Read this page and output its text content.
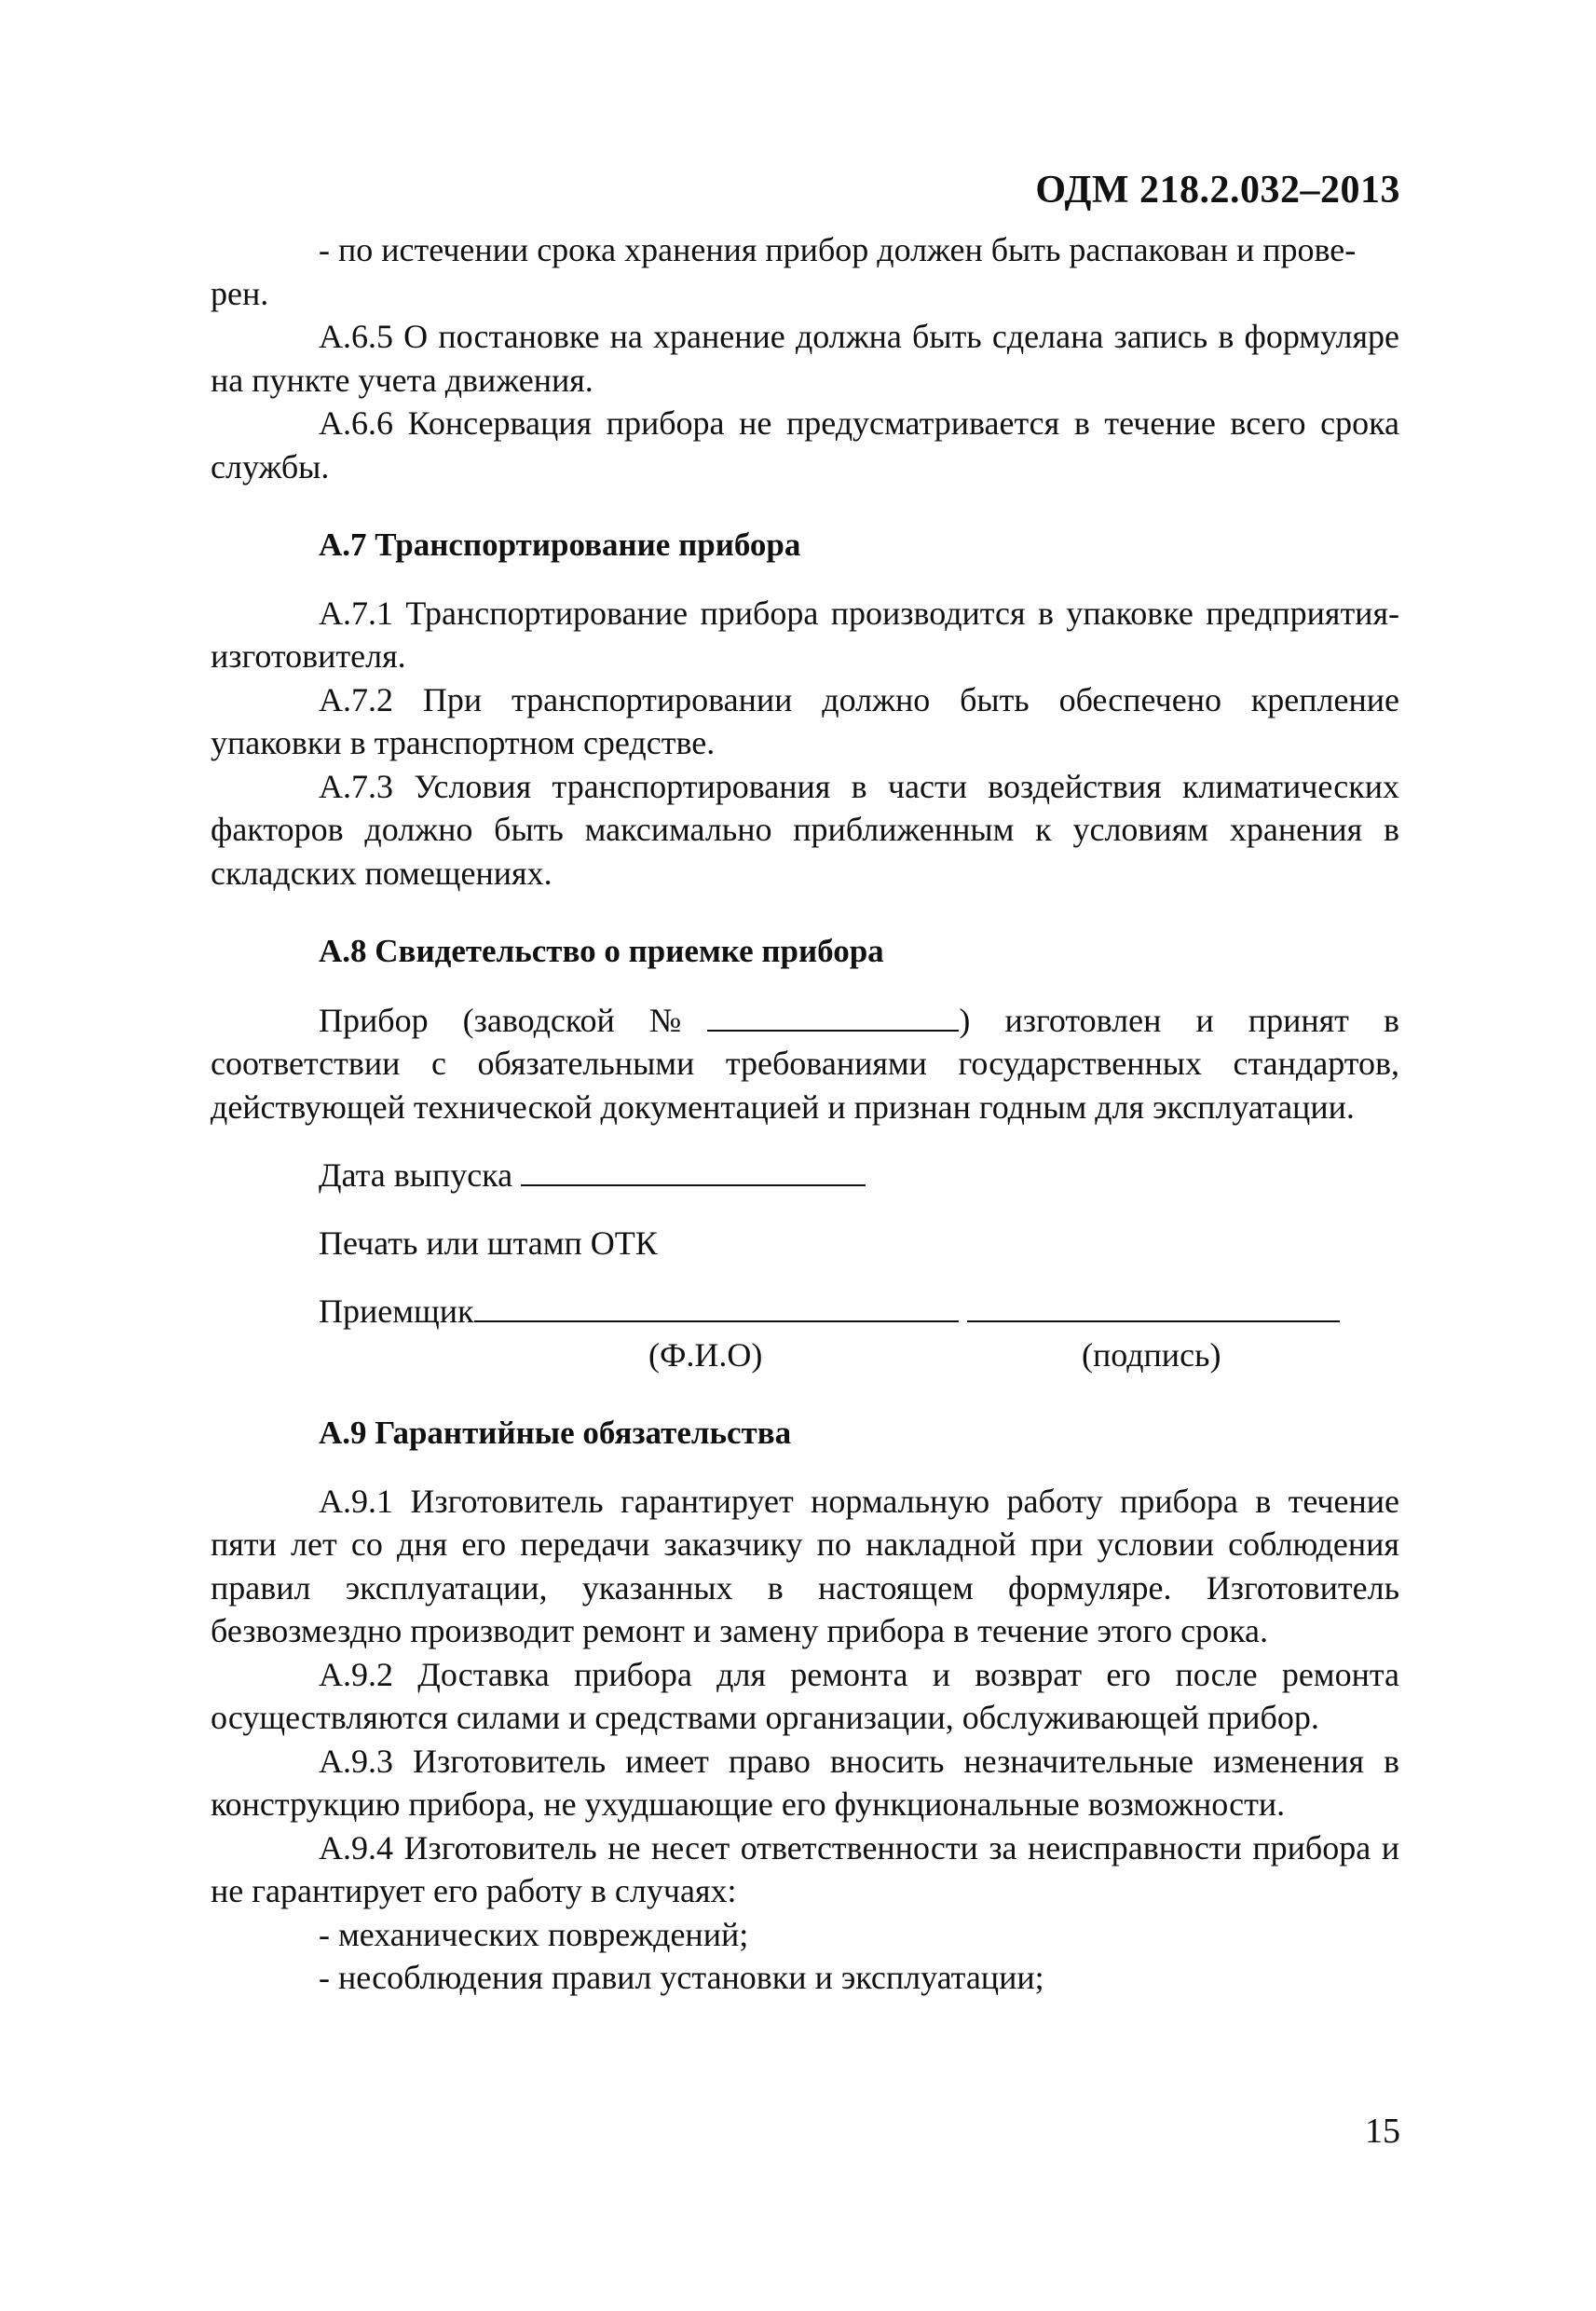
ОДМ 218.2.032–2013

- по истечении срока хранения прибор должен быть распакован и прове-

рен.

А.6.5 О постановке на хранение должна быть сделана запись в формуляре на пункте учета движения.

А.6.6 Консервация прибора не предусматривается в течение всего срока службы.

А.7 Транспортирование прибора

А.7.1 Транспортирование прибора производится в упаковке предприятия-изготовителя.

А.7.2 При транспортировании должно быть обеспечено крепление упаковки в транспортном средстве.

А.7.3 Условия транспортирования в части воздействия климатических факторов должно быть максимально приближенным к условиям хранения в складских помещениях.

А.8 Свидетельство о приемке прибора

Прибор (заводской №	) изготовлен и принят в соответствии с обязательными требованиями государственных стандартов, действующей технической документацией и признан годным для эксплуатации.

Дата выпуска

Печать или штамп ОТК

Приемщик

(Ф.И.О)	(подпись)

А.9 Гарантийные обязательства

А.9.1 Изготовитель гарантирует нормальную работу прибора в течение пяти лет со дня его передачи заказчику по накладной при условии соблюдения правил эксплуатации, указанных в настоящем формуляре. Изготовитель безвозмездно производит ремонт и замену прибора в течение этого срока.

А.9.2 Доставка прибора для ремонта и возврат его после ремонта осуществляются силами и средствами организации, обслуживающей прибор.

А.9.3 Изготовитель имеет право вносить незначительные изменения в конструкцию прибора, не ухудшающие его функциональные возможности.

А.9.4 Изготовитель не несет ответственности за неисправности прибора и не гарантирует его работу в случаях:

- механических повреждений;

- несоблюдения правил установки и эксплуатации;

15
